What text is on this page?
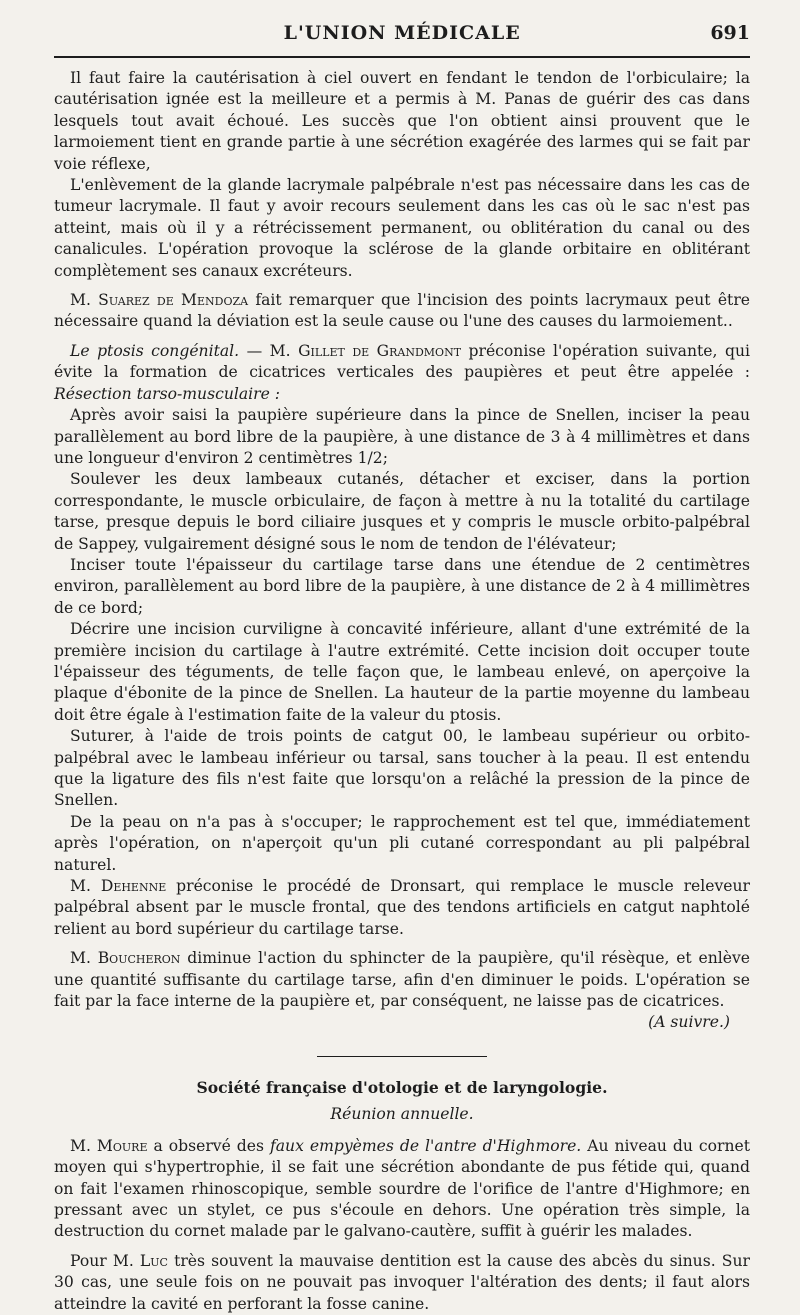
L'UNION MÉDICALE	691

Il faut faire la cautérisation à ciel ouvert en fendant le tendon de l'orbiculaire; la cautérisation ignée est la meilleure et a permis à M. Panas de guérir des cas dans lesquels tout avait échoué. Les succès que l'on obtient ainsi prouvent que le larmoiement tient en grande partie à une sécrétion exagérée des larmes qui se fait par voie réflexe,

L'enlèvement de la glande lacrymale palpébrale n'est pas nécessaire dans les cas de tumeur lacrymale. Il faut y avoir recours seulement dans les cas où le sac n'est pas atteint, mais où il y a rétrécissement permanent, ou oblitération du canal ou des canalicules. L'opération provoque la sclérose de la glande orbitaire en oblitérant complètement ses canaux excréteurs.

M. Suarez de Mendoza fait remarquer que l'incision des points lacrymaux peut être nécessaire quand la déviation est la seule cause ou l'une des causes du larmoiement..

Le ptosis congénital. — M. Gillet de Grandmont préconise l'opération suivante, qui évite la formation de cicatrices verticales des paupières et peut être appelée : Résection tarso-musculaire :

Après avoir saisi la paupière supérieure dans la pince de Snellen, inciser la peau parallèlement au bord libre de la paupière, à une distance de 3 à 4 millimètres et dans une longueur d'environ 2 centimètres 1/2;

Soulever les deux lambeaux cutanés, détacher et exciser, dans la portion correspondante, le muscle orbiculaire, de façon à mettre à nu la totalité du cartilage tarse, presque depuis le bord ciliaire jusques et y compris le muscle orbito-palpébral de Sappey, vulgairement désigné sous le nom de tendon de l'élévateur;

Inciser toute l'épaisseur du cartilage tarse dans une étendue de 2 centimètres environ, parallèlement au bord libre de la paupière, à une distance de 2 à 4 millimètres de ce bord;

Décrire une incision curviligne à concavité inférieure, allant d'une extrémité de la première incision du cartilage à l'autre extrémité. Cette incision doit occuper toute l'épaisseur des téguments, de telle façon que, le lambeau enlevé, on aperçoive la plaque d'ébonite de la pince de Snellen. La hauteur de la partie moyenne du lambeau doit être égale à l'estimation faite de la valeur du ptosis.

Suturer, à l'aide de trois points de catgut 00, le lambeau supérieur ou orbito-palpébral avec le lambeau inférieur ou tarsal, sans toucher à la peau. Il est entendu que la ligature des fils n'est faite que lorsqu'on a relâché la pression de la pince de Snellen.

De la peau on n'a pas à s'occuper; le rapprochement est tel que, immédiatement après l'opération, on n'aperçoit qu'un pli cutané correspondant au pli palpébral naturel.

M. Dehenne préconise le procédé de Dronsart, qui remplace le muscle releveur palpébral absent par le muscle frontal, que des tendons artificiels en catgut naphtolé relient au bord supérieur du cartilage tarse.

M. Boucheron diminue l'action du sphincter de la paupière, qu'il résèque, et enlève une quantité suffisante du cartilage tarse, afin d'en diminuer le poids. L'opération se fait par la face interne de la paupière et, par conséquent, ne laisse pas de cicatrices.

(A suivre.)
Société française d'otologie et de laryngologie.
Réunion annuelle.

M. Moure a observé des faux empyèmes de l'antre d'Highmore. Au niveau du cornet moyen qui s'hypertrophie, il se fait une sécrétion abondante de pus fétide qui, quand on fait l'examen rhinoscopique, semble sourdre de l'orifice de l'antre d'Highmore; en pressant avec un stylet, ce pus s'écoule en dehors. Une opération très simple, la destruction du cornet malade par le galvano-cautère, suffit à guérir les malades.

Pour M. Luc très souvent la mauvaise dentition est la cause des abcès du sinus. Sur 30 cas, une seule fois on ne pouvait pas invoquer l'altération des dents; il faut alors atteindre la cavité en perforant la fosse canine.
